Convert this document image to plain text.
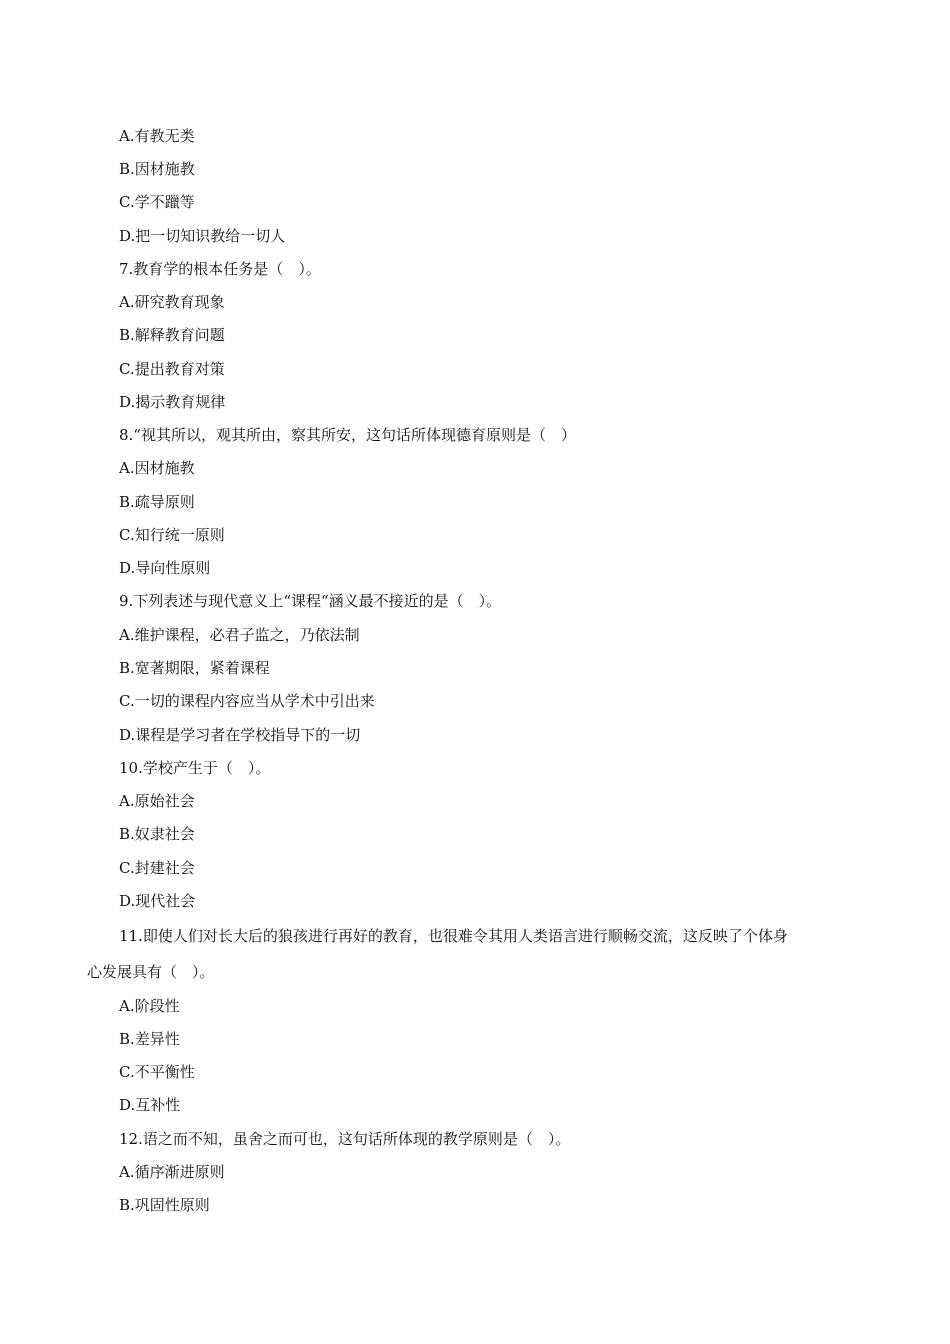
A.有教无类
B.因材施教
C.学不躐等
D.把一切知识教给一切人
7.教育学的根本任务是（　）。
A.研究教育现象
B.解释教育问题
C.提出教育对策
D.揭示教育规律
8.“视其所以，观其所由，察其所安，这句话所体现德育原则是（　）
A.因材施教
B.疏导原则
C.知行统一原则
D.导向性原则
9.下列表述与现代意义上“课程“涵义最不接近的是（　）。
A.维护课程，必君子监之，乃依法制
B.宽著期限，紧着课程
C.一切的课程内容应当从学术中引出来
D.课程是学习者在学校指导下的一切
10.学校产生于（　）。
A.原始社会
B.奴隶社会
C.封建社会
D.现代社会
11.即使人们对长大后的狼孩进行再好的教育，也很难令其用人类语言进行顺畅交流，这反映了个体身
心发展具有（　）。
A.阶段性
B.差异性
C.不平衡性
D.互补性
12.语之而不知，虽舍之而可也，这句话所体现的教学原则是（　）。
A.循序渐进原则
B.巩固性原则
